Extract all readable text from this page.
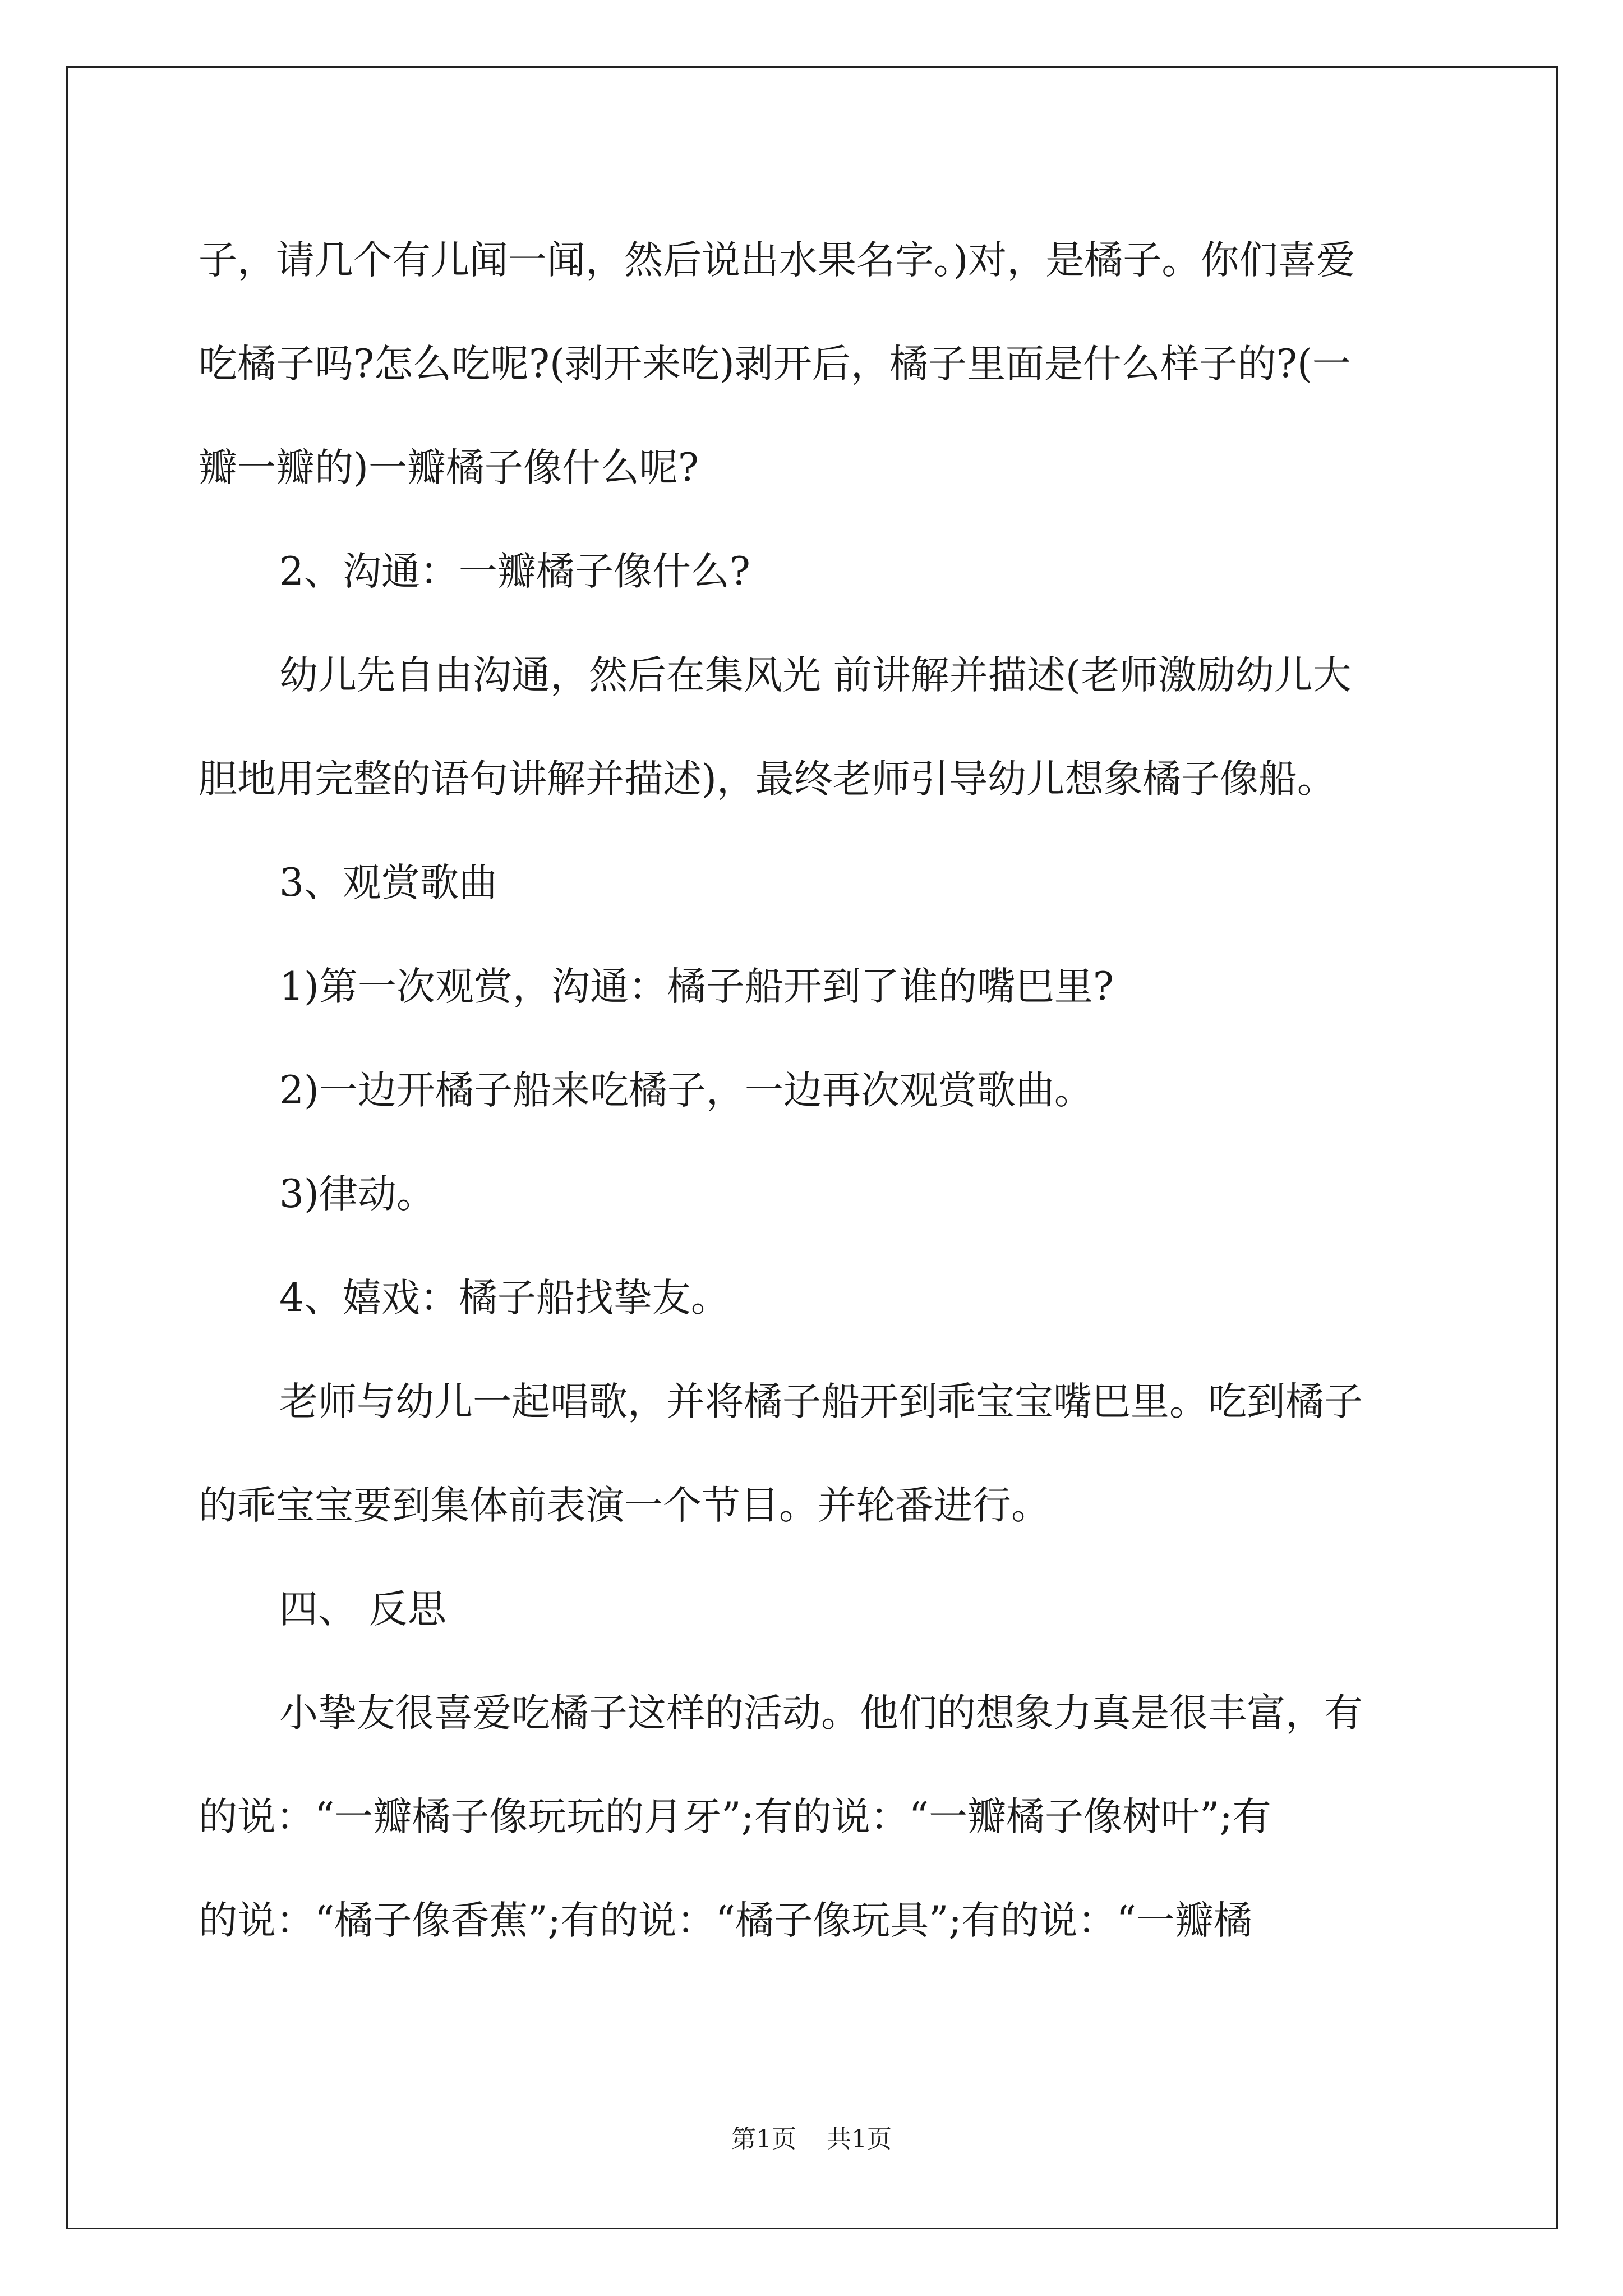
子，请几个有儿闻一闻，然后说出水果名字。)对，是橘子。你们喜爱
吃橘子吗?怎么吃呢?(剥开来吃)剥开后，橘子里面是什么样子的?(一
瓣一瓣的)一瓣橘子像什么呢?
2、沟通：一瓣橘子像什么?
幼儿先自由沟通，然后在集风光 前讲解并描述(老师激励幼儿大
胆地用完整的语句讲解并描述)，最终老师引导幼儿想象橘子像船。
3、观赏歌曲
1)第一次观赏，沟通：橘子船开到了谁的嘴巴里?
2)一边开橘子船来吃橘子，一边再次观赏歌曲。
3)律动。
4、嬉戏：橘子船找挚友。
老师与幼儿一起唱歌，并将橘子船开到乖宝宝嘴巴里。吃到橘子
的乖宝宝要到集体前表演一个节目。并轮番进行。
四、 反思
小挚友很喜爱吃橘子这样的活动。他们的想象力真是很丰富，有
的说：“一瓣橘子像玩玩的月牙”;有的说：“一瓣橘子像树叶”;有
的说：“橘子像香蕉”;有的说：“橘子像玩具”;有的说：“一瓣橘
第1页 共1页
